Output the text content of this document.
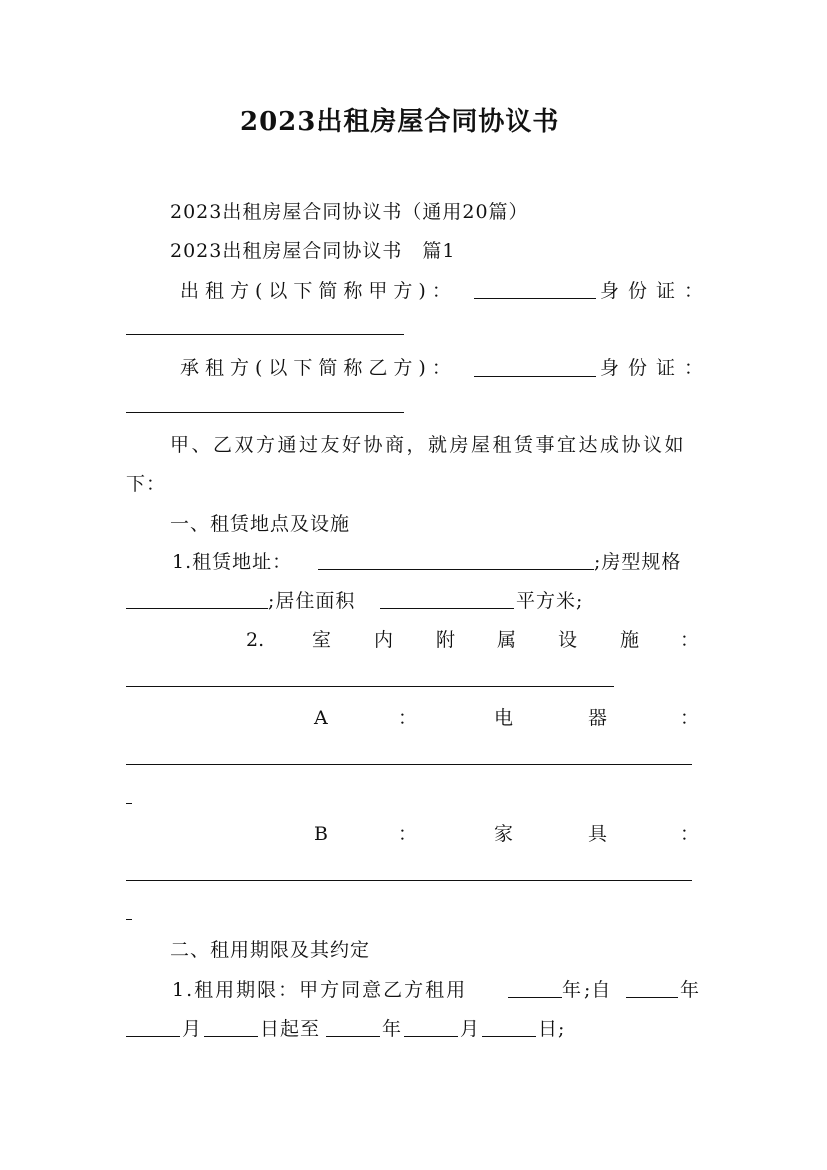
2023出租房屋合同协议书
2023出租房屋合同协议书（通用20篇）
2023出租房屋合同协议书　篇1
出租方(以下简称甲方)：	身份证：
承租方(以下简称乙方)：	身份证：
甲、乙双方通过友好协商，就房屋租赁事宜达成协议如
下：
一、租赁地点及设施
1.租赁地址：	;房型规格
;居住面积	平方米;
2.	室 内 附 属 设 施 ：
A	：	电	器	：
B	：	家	具	：
二、租用期限及其约定
1.租用期限：甲方同意乙方租用	年 ;自	年
月	日起至	年	月	日;
